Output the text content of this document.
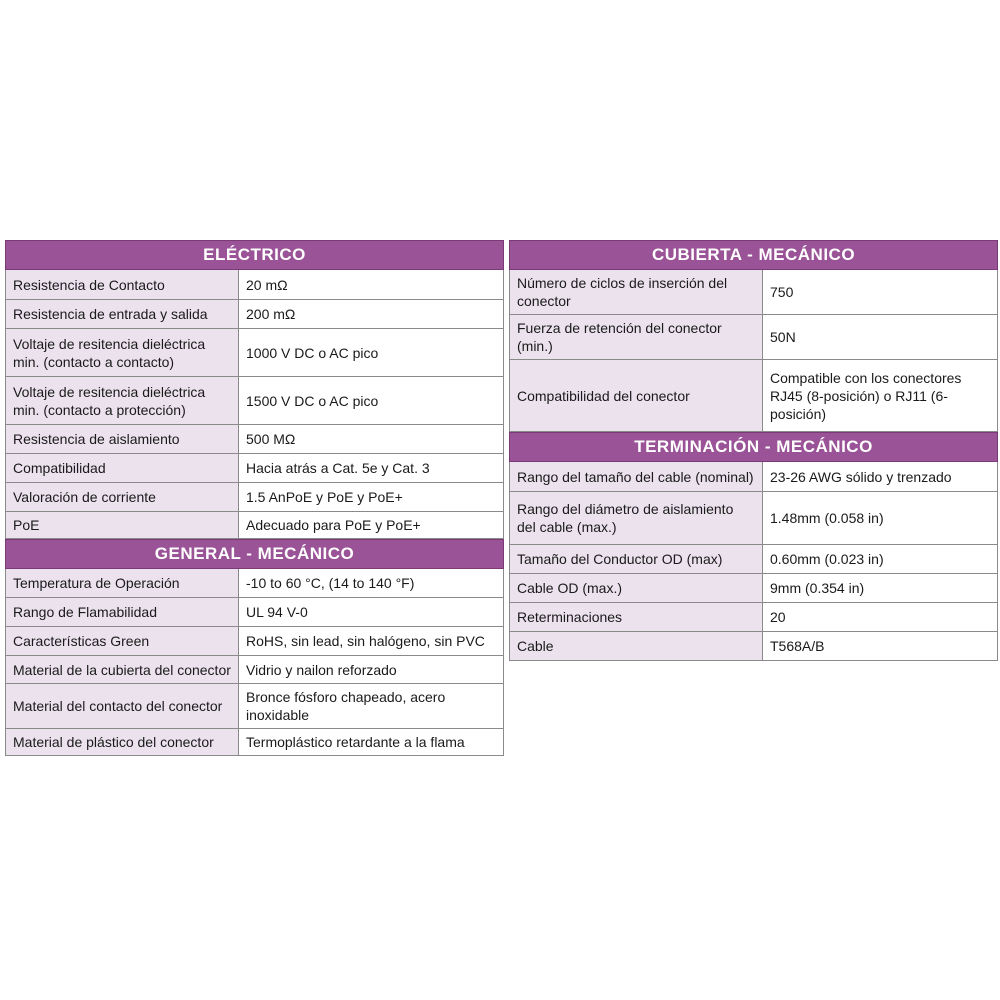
ELÉCTRICO	
Resistencia de Contacto	20 mΩ
Resistencia de entrada y salida	200 mΩ
Voltaje de resitencia dieléctrica min. (contacto a contacto)	1000 V DC o AC pico
Voltaje de resitencia dieléctrica min. (contacto a protección)	1500 V DC o AC pico
Resistencia de aislamiento	500 MΩ
Compatibilidad	Hacia atrás a Cat. 5e y Cat. 3
Valoración de corriente	1.5 AnPoE y PoE y PoE+
PoE	Adecuado para PoE y PoE+
GENERAL - MECÁNICO	
Temperatura de Operación	-10 to 60 °C, (14 to 140 °F)
Rango de Flamabilidad	UL 94 V-0
Características Green	RoHS, sin lead, sin halógeno, sin PVC
Material de la cubierta del conector	Vidrio y nailon reforzado
Material del contacto del conector	Bronce fósforo chapeado, acero inoxidable
Material de plástico del conector	Termoplástico retardante a la flama
CUBIERTA - MECÁNICO	
Número de ciclos de inserción del conector	750
Fuerza de retención del conector (min.)	50N
Compatibilidad del conector	Compatible con los conectores RJ45 (8-posición) o RJ11 (6-posición)
TERMINACIÓN - MECÁNICO	
Rango del tamaño del cable (nominal)	23-26 AWG sólido y trenzado
Rango del diámetro de aislamiento del cable (max.)	1.48mm (0.058 in)
Tamaño del Conductor OD (max)	0.60mm (0.023 in)
Cable OD (max.)	9mm (0.354 in)
Reterminaciones	20
Cable	T568A/B
